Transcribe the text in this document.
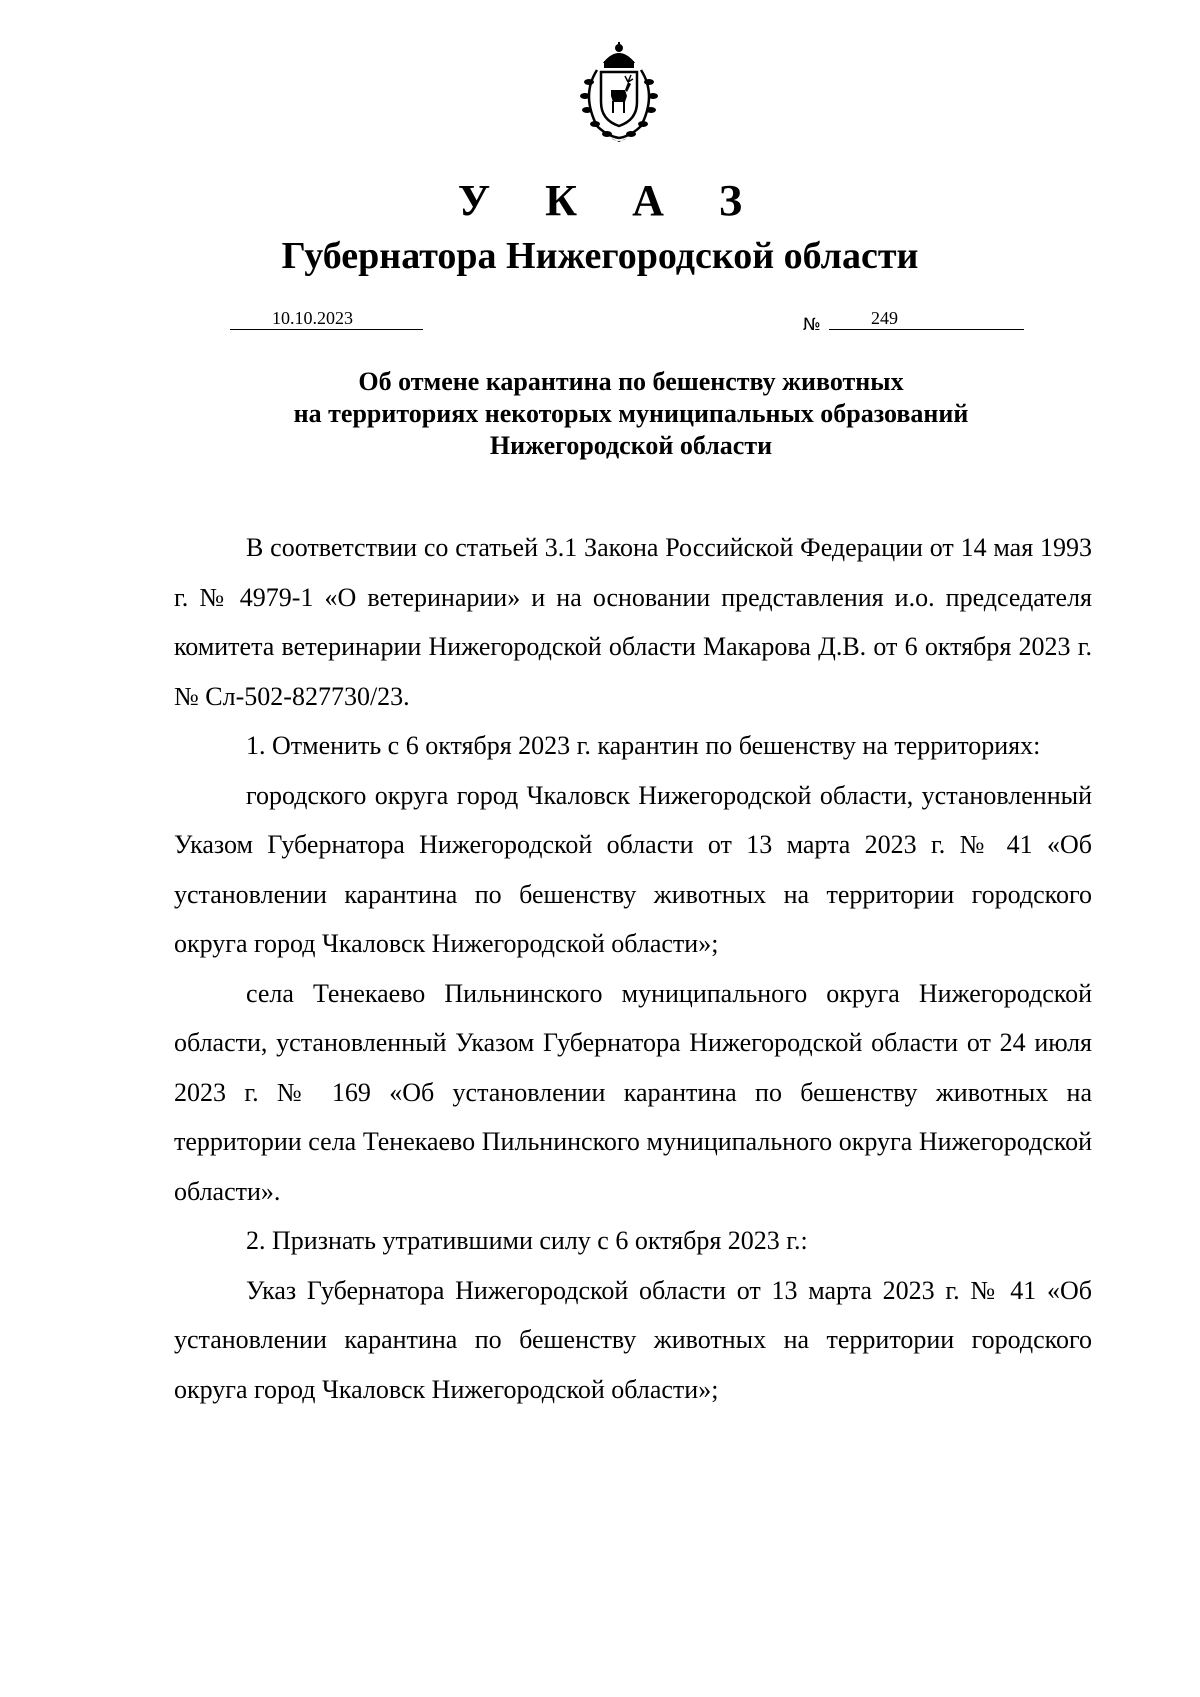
У К А З
Губернатора Нижегородской области
10.10.2023	№	249
Об отмене карантина по бешенству животных
на территориях некоторых муниципальных образований
Нижегородской области

В соответствии со статьей 3.1 Закона Российской Федерации от 14 мая 1993 г. № 4979-1 «О ветеринарии» и на основании представления и.о. председателя комитета ветеринарии Нижегородской области Макарова Д.В. от 6 октября 2023 г. № Сл-502-827730/23.

1. Отменить с 6 октября 2023 г. карантин по бешенству на территориях:

городского округа город Чкаловск Нижегородской области, установленный Указом Губернатора Нижегородской области от 13 марта 2023 г. № 41 «Об установлении карантина по бешенству животных на территории городского округа город Чкаловск Нижегородской области»;

села Тенекаево Пильнинского муниципального округа Нижегородской области, установленный Указом Губернатора Нижегородской области от 24 июля 2023 г. № 169 «Об установлении карантина по бешенству животных на территории села Тенекаево Пильнинского муниципального округа Нижегородской области».

2. Признать утратившими силу с 6 октября 2023 г.:

Указ Губернатора Нижегородской области от 13 марта 2023 г. № 41 «Об установлении карантина по бешенству животных на территории городского округа город Чкаловск Нижегородской области»;
